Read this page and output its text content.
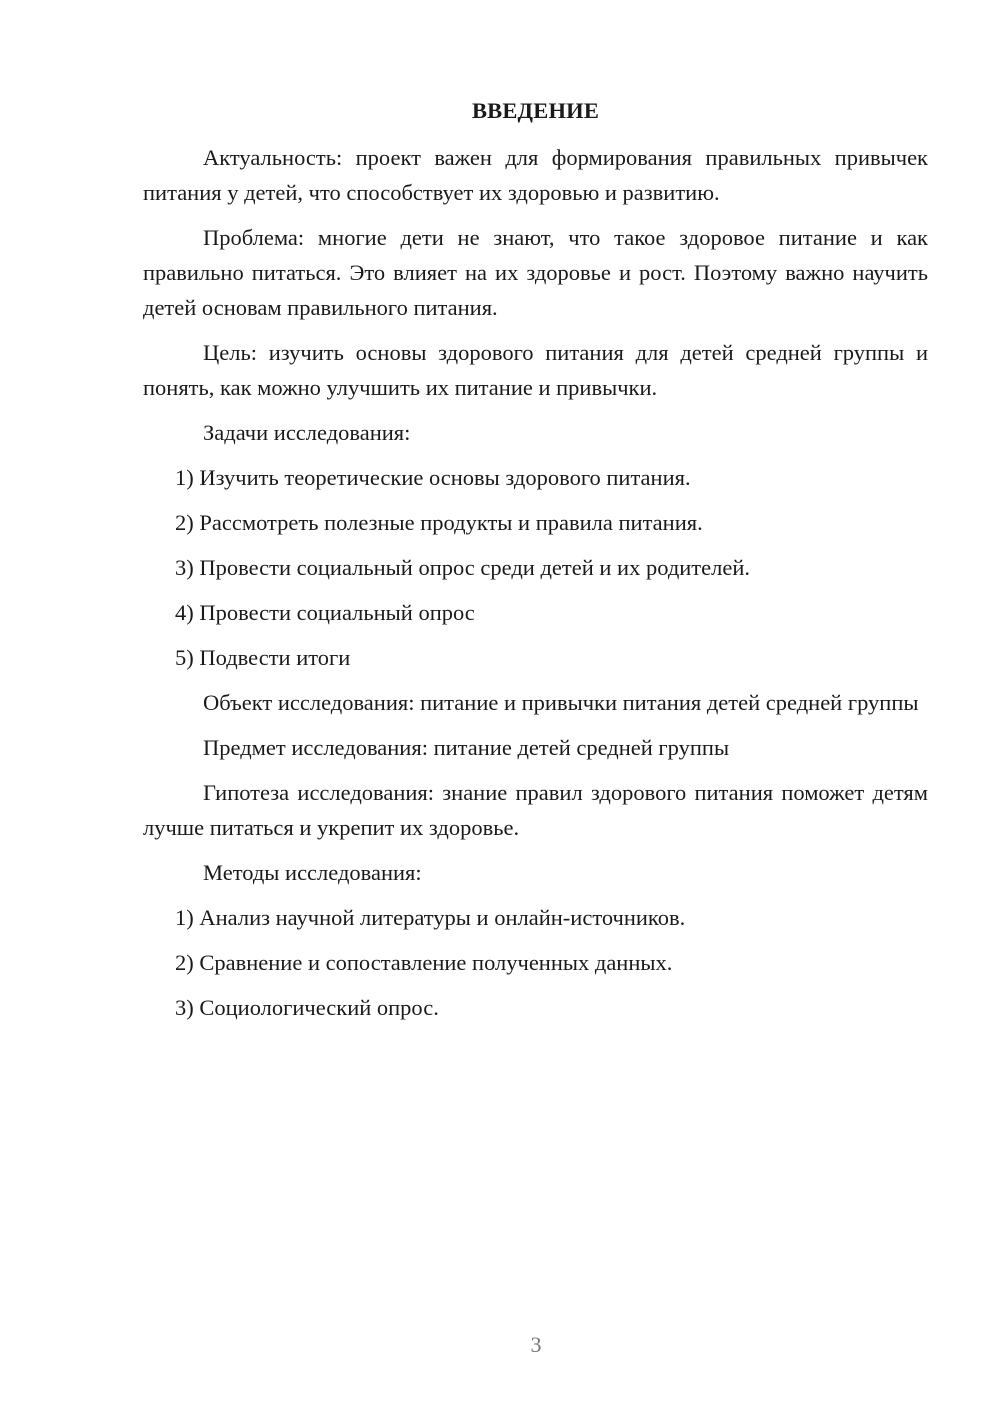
ВВЕДЕНИЕ
Актуальность: проект важен для формирования правильных привычек питания у детей, что способствует их здоровью и развитию.
Проблема: многие дети не знают, что такое здоровое питание и как правильно питаться. Это влияет на их здоровье и рост. Поэтому важно научить детей основам правильного питания.
Цель: изучить основы здорового питания для детей средней группы и понять, как можно улучшить их питание и привычки.
Задачи исследования:
1) Изучить теоретические основы здорового питания.
2) Рассмотреть полезные продукты и правила питания.
3) Провести социальный опрос среди детей и их родителей.
4) Провести социальный опрос
5) Подвести итоги
Объект исследования: питание и привычки питания детей средней группы
Предмет исследования: питание детей средней группы
Гипотеза исследования: знание правил здорового питания поможет детям лучше питаться и укрепит их здоровье.
Методы исследования:
1) Анализ научной литературы и онлайн-источников.
2) Сравнение и сопоставление полученных данных.
3) Социологический опрос.
3
